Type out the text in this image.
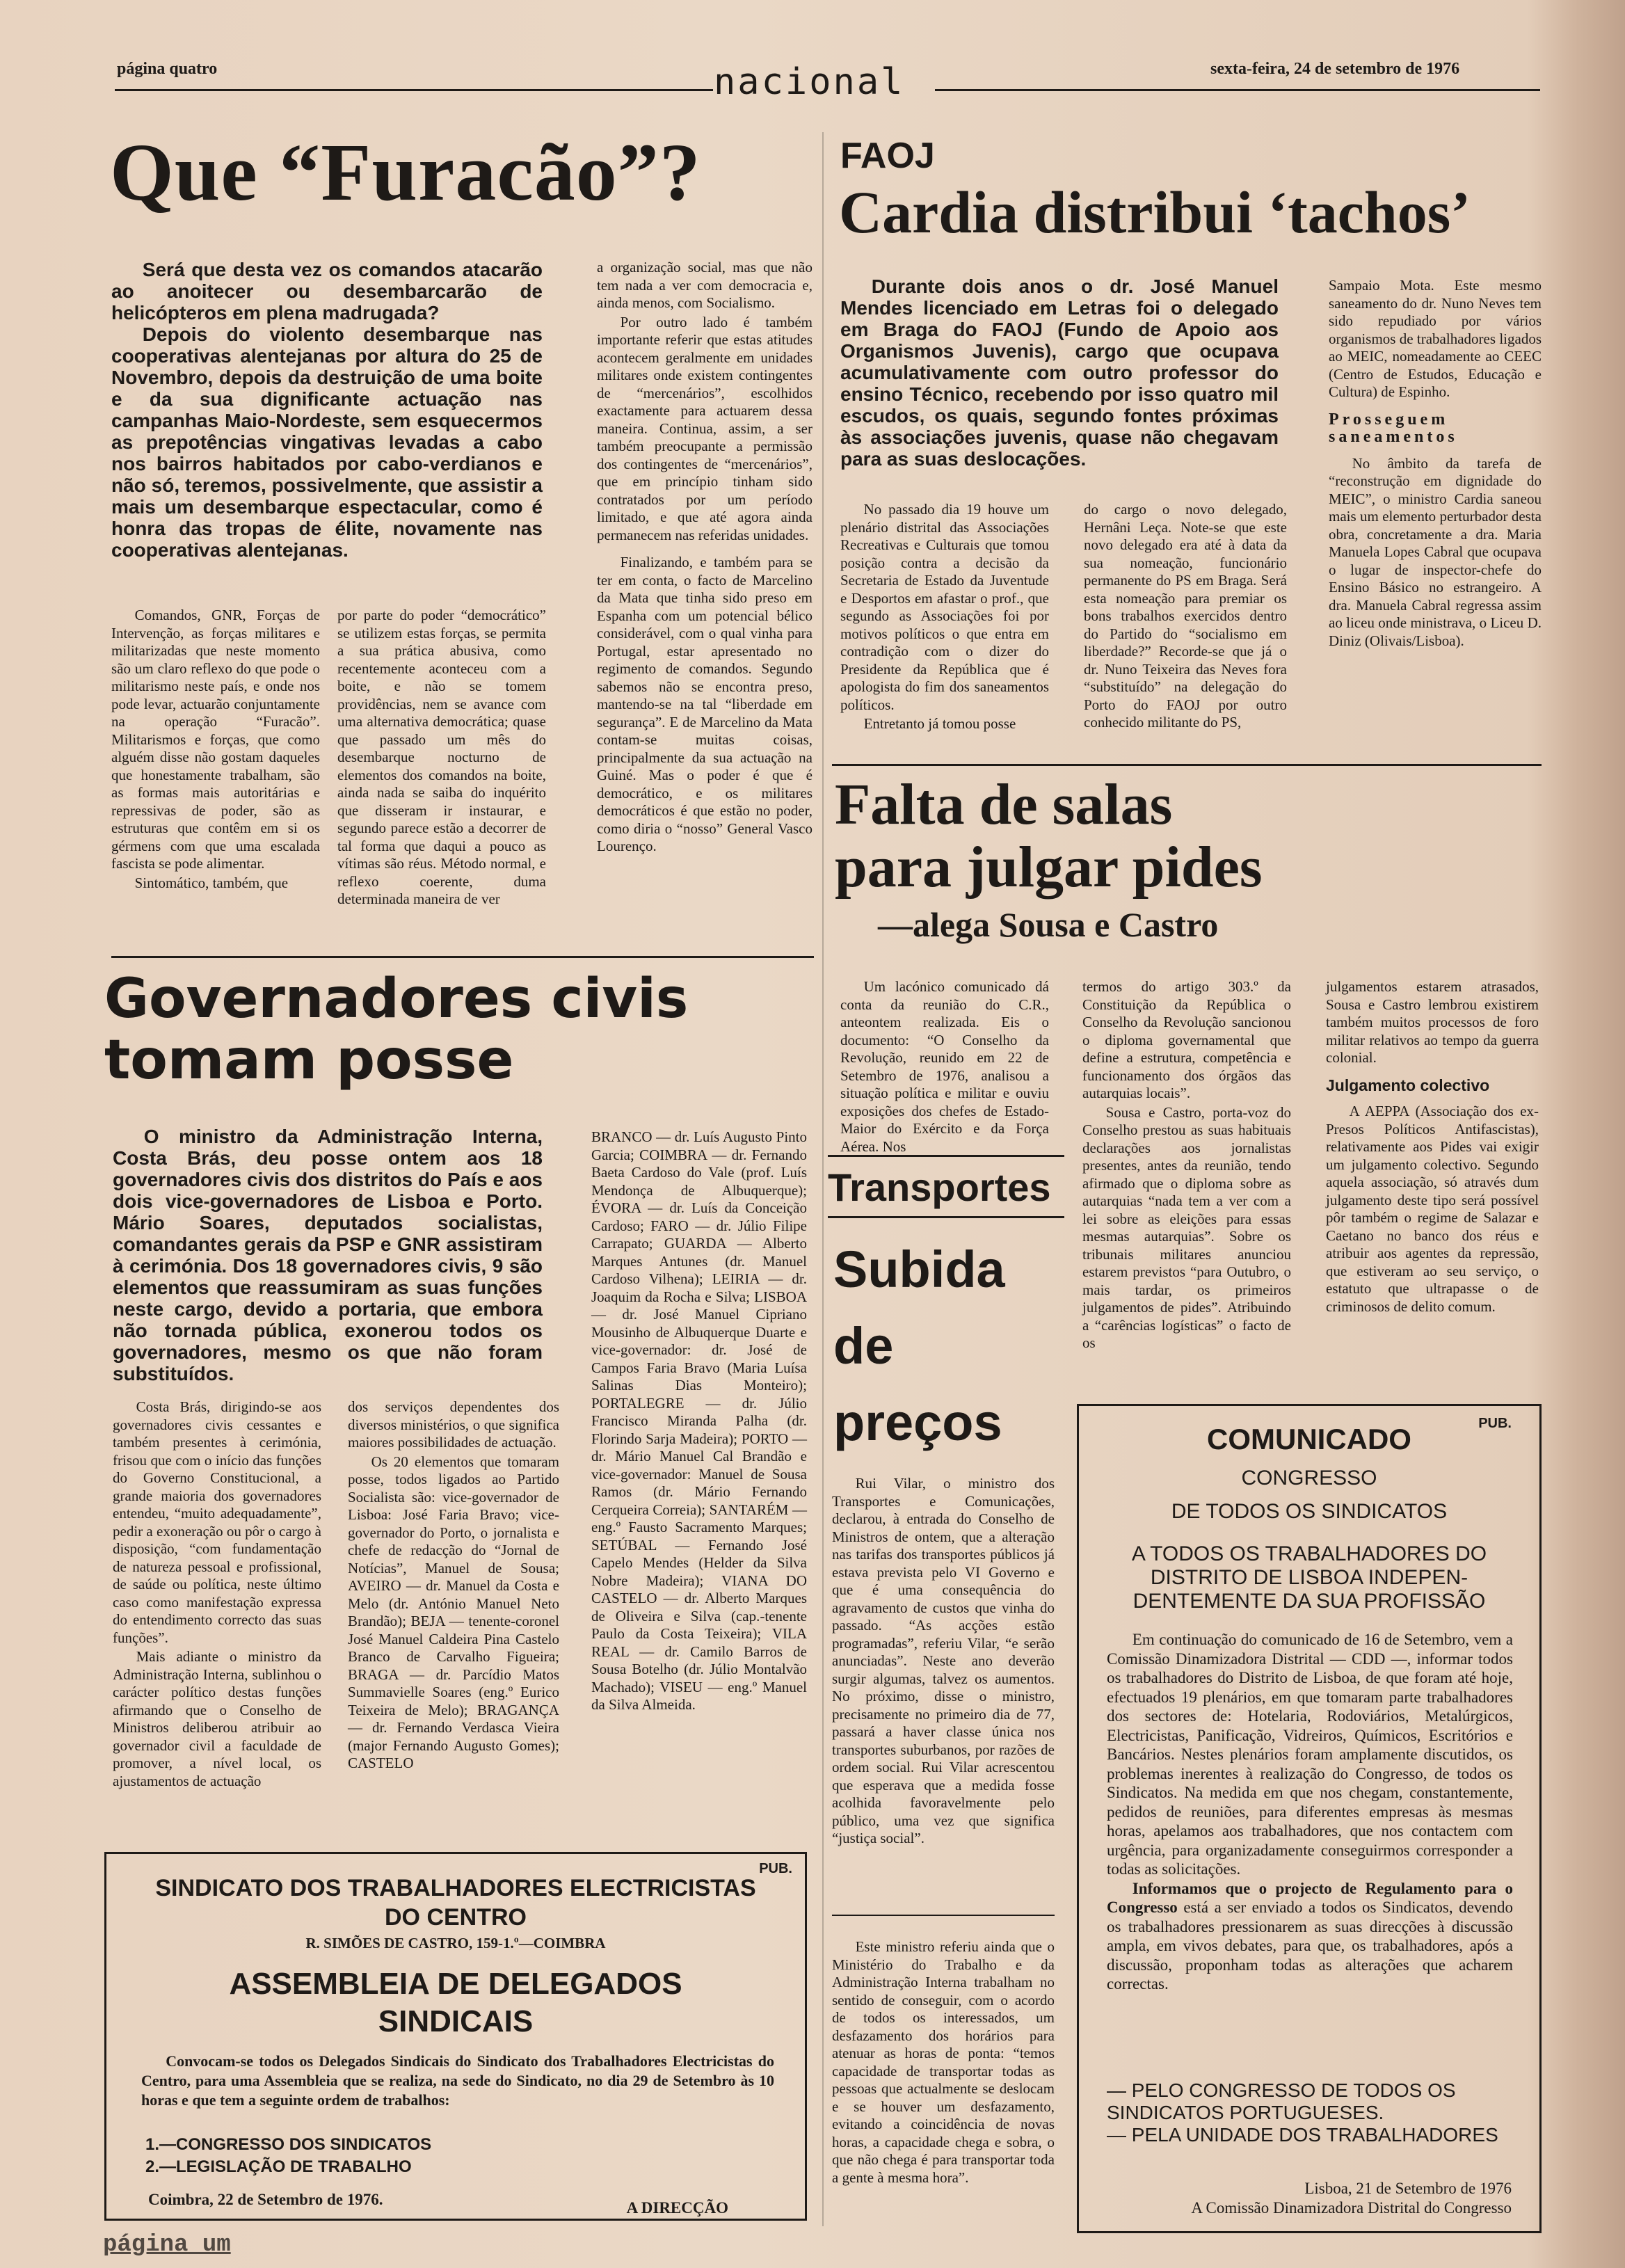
página quatro	nacional	sexta-feira, 24 de setembro de 1976
Que “Furacão”?

Será que desta vez os comandos atacarão ao anoitecer ou desembarcarão de helicópteros em plena madrugada?

Depois do violento desembarque nas cooperativas alentejanas por altura do 25 de Novembro, depois da destruição de uma boite e da sua dignificante actuação nas campanhas Maio-Nordeste, sem esquecermos as prepotências vingativas levadas a cabo nos bairros habitados por cabo-verdianos e não só, teremos, possivelmente, que assistir a mais um desembarque espectacular, como é honra das tropas de élite, novamente nas cooperativas alentejanas.

Comandos, GNR, Forças de Intervenção, as forças militares e militarizadas que neste momento são um claro reflexo do que pode o militarismo neste país, e onde nos pode levar, actuarão conjuntamente na operação “Furacão”. Militarismos e forças, que como alguém disse não gostam daqueles que honestamente trabalham, são as formas mais autoritárias e repressivas de poder, são as estruturas que contêm em si os gérmens com que uma escalada fascista se pode alimentar.

Sintomático, também, que

por parte do poder “democrático” se utilizem estas forças, se permita a sua prática abusiva, como recentemente aconteceu com a boite, e não se tomem providências, nem se avance com uma alternativa democrática; quase que passado um mês do desembarque nocturno de elementos dos comandos na boite, ainda nada se saiba do inquérito que disseram ir instaurar, e segundo parece estão a decorrer de tal forma que daqui a pouco as vítimas são réus. Método normal, e reflexo coerente, duma determinada maneira de ver

a organização social, mas que não tem nada a ver com democracia e, ainda menos, com Socialismo.

Por outro lado é também importante referir que estas atitudes acontecem geralmente em unidades militares onde existem contingentes de “mercenários”, escolhidos exactamente para actuarem dessa maneira. Continua, assim, a ser também preocupante a permissão dos contingentes de “mercenários”, que em princípio tinham sido contratados por um período limitado, e que até agora ainda permanecem nas referidas unidades.

Finalizando, e também para se ter em conta, o facto de Marcelino da Mata que tinha sido preso em Espanha com um potencial bélico considerável, com o qual vinha para Portugal, estar apresentado no regimento de comandos. Segundo sabemos não se encontra preso, mantendo-se na tal “liberdade em segurança”. E de Marcelino da Mata contam-se muitas coisas, principalmente da sua actuação na Guiné. Mas o poder é que é democrático, e os militares democráticos é que estão no poder, como diria o “nosso” General Vasco Lourenço.

FAOJ
Cardia distribui ‘tachos’

Durante dois anos o dr. José Manuel Mendes licenciado em Letras foi o delegado em Braga do FAOJ (Fundo de Apoio aos Organismos Juvenis), cargo que ocupava acumulativamente com outro professor do ensino Técnico, recebendo por isso quatro mil escudos, os quais, segundo fontes próximas às associações juvenis, quase não chegavam para as suas deslocações.

No passado dia 19 houve um plenário distrital das Associações Recreativas e Culturais que tomou posição contra a decisão da Secretaria de Estado da Juventude e Desportos em afastar o prof., que segundo as Associações foi por motivos políticos o que entra em contradição com o dizer do Presidente da República que é apologista do fim dos saneamentos políticos.

Entretanto já tomou posse

do cargo o novo delegado, Hernâni Leça. Note-se que este novo delegado era até à data da sua nomeação, funcionário permanente do PS em Braga. Será esta nomeação para premiar os bons trabalhos exercidos dentro do Partido do “socialismo em liberdade?” Recorde-se que já o dr. Nuno Teixeira das Neves fora “substituído” na delegação do Porto do FAOJ por outro conhecido militante do PS,

Sampaio Mota. Este mesmo saneamento do dr. Nuno Neves tem sido repudiado por vários organismos de trabalhadores ligados ao MEIC, nomeadamente ao CEEC (Centro de Estudos, Educação e Cultura) de Espinho.

Prosseguem saneamentos

No âmbito da tarefa de “reconstrução em dignidade do MEIC”, o ministro Cardia saneou mais um elemento perturbador desta obra, concretamente a dra. Maria Manuela Lopes Cabral que ocupava o lugar de inspector-chefe do Ensino Básico no estrangeiro. A dra. Manuela Cabral regressa assim ao liceu onde ministrava, o Liceu D. Diniz (Olivais/Lisboa).

Falta de salas
para julgar pides
—alega Sousa e Castro

Um lacónico comunicado dá conta da reunião do C.R., anteontem realizada. Eis o documento: “O Conselho da Revolução, reunido em 22 de Setembro de 1976, analisou a situação política e militar e ouviu exposições dos chefes de Estado-Maior do Exército e da Força Aérea. Nos

termos do artigo 303.º da Constituição da República o Conselho da Revolução sancionou o diploma governamental que define a estrutura, competência e funcionamento dos órgãos das autarquias locais”.

Sousa e Castro, porta-voz do Conselho prestou as suas habituais declarações aos jornalistas presentes, antes da reunião, tendo afirmado que o diploma sobre as autarquias “nada tem a ver com a lei sobre as eleições para essas mesmas autarquias”. Sobre os tribunais militares anunciou estarem previstos “para Outubro, o mais tardar, os primeiros julgamentos de pides”. Atribuindo a “carências logísticas” o facto de os

julgamentos estarem atrasados, Sousa e Castro lembrou existirem também muitos processos de foro militar relativos ao tempo da guerra colonial.

Julgamento colectivo

A AEPPA (Associação dos ex-Presos Políticos Antifascistas), relativamente aos Pides vai exigir um julgamento colectivo. Segundo aquela associação, só através dum julgamento deste tipo será possível pôr também o regime de Salazar e Caetano no banco dos réus e atribuir aos agentes da repressão, que estiveram ao seu serviço, o estatuto que ultrapasse o de criminosos de delito comum.

Governadores civis
tomam posse

O ministro da Administração Interna, Costa Brás, deu posse ontem aos 18 governadores civis dos distritos do País e aos dois vice-governadores de Lisboa e Porto. Mário Soares, deputados socialistas, comandantes gerais da PSP e GNR assistiram à cerimónia. Dos 18 governadores civis, 9 são elementos que reassumiram as suas funções neste cargo, devido a portaria, que embora não tornada pública, exonerou todos os governadores, mesmo os que não foram substituídos.

Costa Brás, dirigindo-se aos governadores civis cessantes e também presentes à cerimónia, frisou que com o início das funções do Governo Constitucional, a grande maioria dos governadores entendeu, “muito adequadamente”, pedir a exoneração ou pôr o cargo à disposição, “com fundamentação de natureza pessoal e profissional, de saúde ou política, neste último caso como manifestação expressa do entendimento correcto das suas funções”.

Mais adiante o ministro da Administração Interna, sublinhou o carácter político destas funções afirmando que o Conselho de Ministros deliberou atribuir ao governador civil a faculdade de promover, a nível local, os ajustamentos de actuação

dos serviços dependentes dos diversos ministérios, o que significa maiores possibilidades de actuação.

Os 20 elementos que tomaram posse, todos ligados ao Partido Socialista são: vice-governador de Lisboa: José Faria Bravo; vice-governador do Porto, o jornalista e chefe de redacção do “Jornal de Notícias”, Manuel de Sousa; AVEIRO — dr. Manuel da Costa e Melo (dr. António Manuel Neto Brandão); BEJA — tenente-coronel José Manuel Caldeira Pina Castelo Branco de Carvalho Figueira; BRAGA — dr. Parcídio Matos Summavielle Soares (eng.º Eurico Teixeira de Melo); BRAGANÇA — dr. Fernando Verdasca Vieira (major Fernando Augusto Gomes); CASTELO

BRANCO — dr. Luís Augusto Pinto Garcia; COIMBRA — dr. Fernando Baeta Cardoso do Vale (prof. Luís Mendonça de Albuquerque); ÉVORA — dr. Luís da Conceição Cardoso; FARO — dr. Júlio Filipe Carrapato; GUARDA — Alberto Marques Antunes (dr. Manuel Cardoso Vilhena); LEIRIA — dr. Joaquim da Rocha e Silva; LISBOA — dr. José Manuel Cipriano Mousinho de Albuquerque Duarte e vice-governador: dr. José de Campos Faria Bravo (Maria Luísa Salinas Dias Monteiro); PORTALEGRE — dr. Júlio Francisco Miranda Palha (dr. Florindo Sarja Madeira); PORTO — dr. Mário Manuel Cal Brandão e vice-governador: Manuel de Sousa Ramos (dr. Mário Fernando Cerqueira Correia); SANTARÉM — eng.º Fausto Sacramento Marques; SETÚBAL — Fernando José Capelo Mendes (Helder da Silva Nobre Madeira); VIANA DO CASTELO — dr. Alberto Marques de Oliveira e Silva (cap.-tenente Paulo da Costa Teixeira); VILA REAL — dr. Camilo Barros de Sousa Botelho (dr. Júlio Montalvão Machado); VISEU — eng.º Manuel da Silva Almeida.

Transportes
Subida
de
preços

Rui Vilar, o ministro dos Transportes e Comunicações, declarou, à entrada do Conselho de Ministros de ontem, que a alteração nas tarifas dos transportes públicos já estava prevista pelo VI Governo e que é uma consequência do agravamento de custos que vinha do passado. “As acções estão programadas”, referiu Vilar, “e serão anunciadas”. Neste ano deverão surgir algumas, talvez os aumentos. No próximo, disse o ministro, precisamente no primeiro dia de 77, passará a haver classe única nos transportes suburbanos, por razões de ordem social. Rui Vilar acrescentou que esperava que a medida fosse acolhida favoravelmente pelo público, uma vez que significa “justiça social”.

Este ministro referiu ainda que o Ministério do Trabalho e da Administração Interna trabalham no sentido de conseguir, com o acordo de todos os interessados, um desfazamento dos horários para atenuar as horas de ponta: “temos capacidade de transportar todas as pessoas que actualmente se deslocam e se houver um desfazamento, evitando a coincidência de novas horas, a capacidade chega e sobra, o que não chega é para transportar toda a gente à mesma hora”.

PUB.
SINDICATO DOS TRABALHADORES ELECTRICISTAS
DO CENTRO
R. SIMÕES DE CASTRO, 159-1.º—COIMBRA
ASSEMBLEIA DE DELEGADOS
SINDICAIS
Convocam-se todos os Delegados Sindicais do Sindicato dos Trabalhadores Electricistas do Centro, para uma Assembleia que se realiza, na sede do Sindicato, no dia 29 de Setembro às 10 horas e que tem a seguinte ordem de trabalhos:
1.—CONGRESSO DOS SINDICATOS
2.—LEGISLAÇÃO DE TRABALHO
Coimbra, 22 de Setembro de 1976.	A DIRECÇÃO
PUB.
COMUNICADO
CONGRESSO
DE TODOS OS SINDICATOS
A TODOS OS TRABALHADORES DO
DISTRITO DE LISBOA INDEPEN-
DENTEMENTE DA SUA PROFISSÃO

Em continuação do comunicado de 16 de Setembro, vem a Comissão Dinamizadora Distrital — CDD —, informar todos os trabalhadores do Distrito de Lisboa, de que foram até hoje, efectuados 19 plenários, em que tomaram parte trabalhadores dos sectores de: Hotelaria, Rodoviários, Metalúrgicos, Electricistas, Panificação, Vidreiros, Químicos, Escritórios e Bancários. Nestes plenários foram amplamente discutidos, os problemas inerentes à realização do Congresso, de todos os Sindicatos. Na medida em que nos chegam, constantemente, pedidos de reuniões, para diferentes empresas às mesmas horas, apelamos aos trabalhadores, que nos contactem com urgência, para organizadamente conseguirmos corresponder a todas as solicitações.

Informamos que o projecto de Regulamento para o Congresso está a ser enviado a todos os Sindicatos, devendo os trabalhadores pressionarem as suas direcções à discussão ampla, em vivos debates, para que, os trabalhadores, após a discussão, proponham todas as alterações que acharem correctas.

— PELO CONGRESSO DE TODOS OS SINDICATOS PORTUGUESES.
— PELA UNIDADE DOS TRABALHADORES
Lisboa, 21 de Setembro de 1976
A Comissão Dinamizadora Distrital do Congresso
página um
